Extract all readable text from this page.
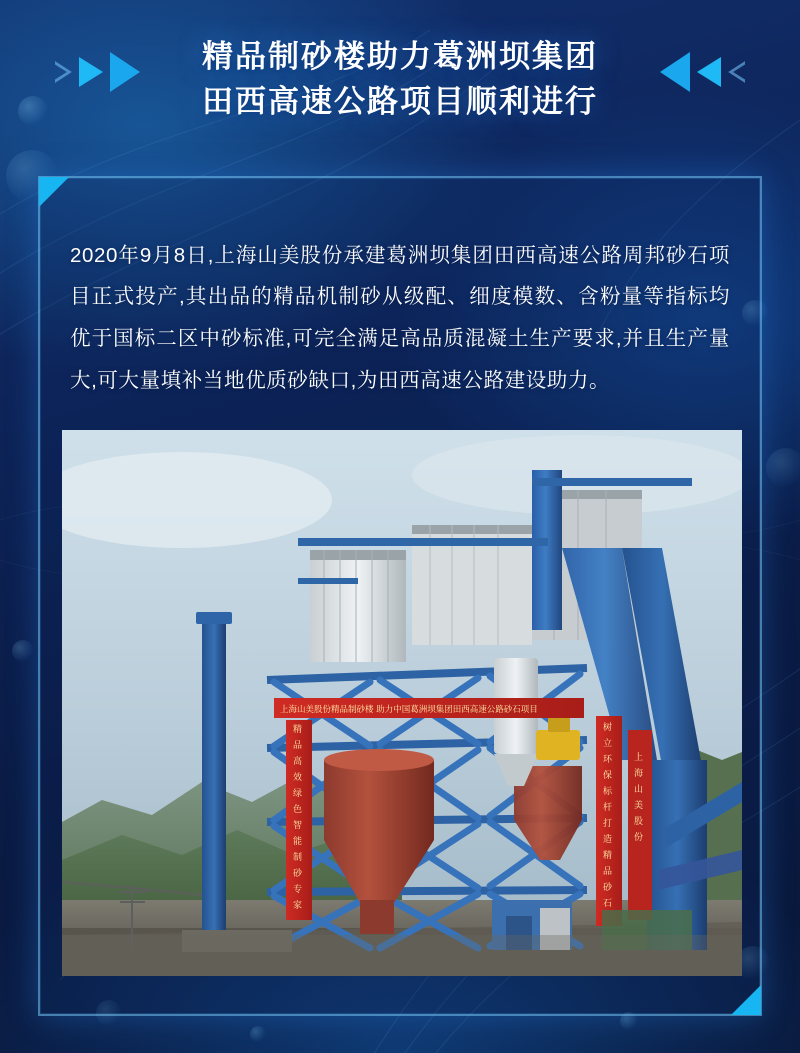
精品制砂楼助力葛洲坝集团
田西高速公路项目顺利进行

2020年9月8日,上海山美股份承建葛洲坝集团田西高速公路周邦砂石项目正式投产,其出品的精品机制砂从级配、细度模数、含粉量等指标均优于国标二区中砂标准,可完全满足高品质混凝土生产要求,并且生产量大,可大量填补当地优质砂缺口,为田西高速公路建设助力。

上海山美股份精品制砂楼 助力中国葛洲坝集团田西高速公路砂石项目
精
品
高
效
绿
色
智
能
制
砂
专
家
树
立
环
保
标
杆
打
造
精
品
砂
石
上
海
山
美
股
份
